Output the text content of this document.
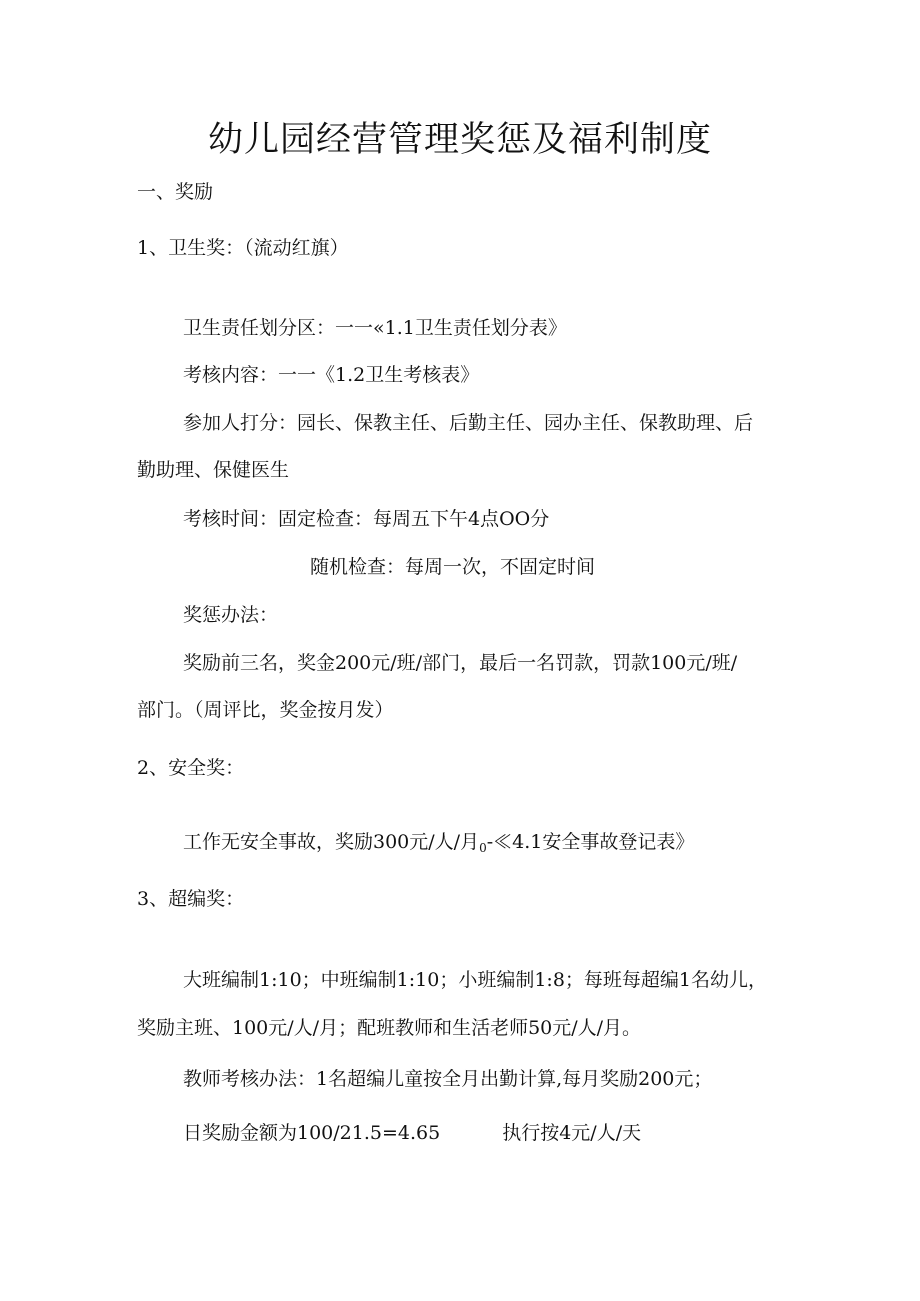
幼儿园经营管理奖惩及福利制度
一、奖励
1、卫生奖：（流动红旗）
卫生责任划分区：一一«1.1卫生责任划分表》
考核内容：一一《1.2卫生考核表》
参加人打分：园长、保教主任、后勤主任、园办主任、保教助理、后
勤助理、保健医生
考核时间：固定检查：每周五下午4点OO分
随机检查：每周一次，不固定时间
奖惩办法：
奖励前三名，奖金200元/班/部门，最后一名罚款，罚款100元/班/
部门。（周评比，奖金按月发）
2、安全奖：
工作无安全事故，奖励300元/人/月$_0$-≪4.1安全事故登记表》
3、超编奖：
大班编制1:10；中班编制1:10；小班编制1:8；每班每超编1名幼儿，
奖励主班、100元/人/月；配班教师和生活老师50元/人/月。
教师考核办法：1名超编儿童按全月出勤计算,每月奖励200元；
日奖励金额为100/21.5=4.65	执行按4元/人/天
